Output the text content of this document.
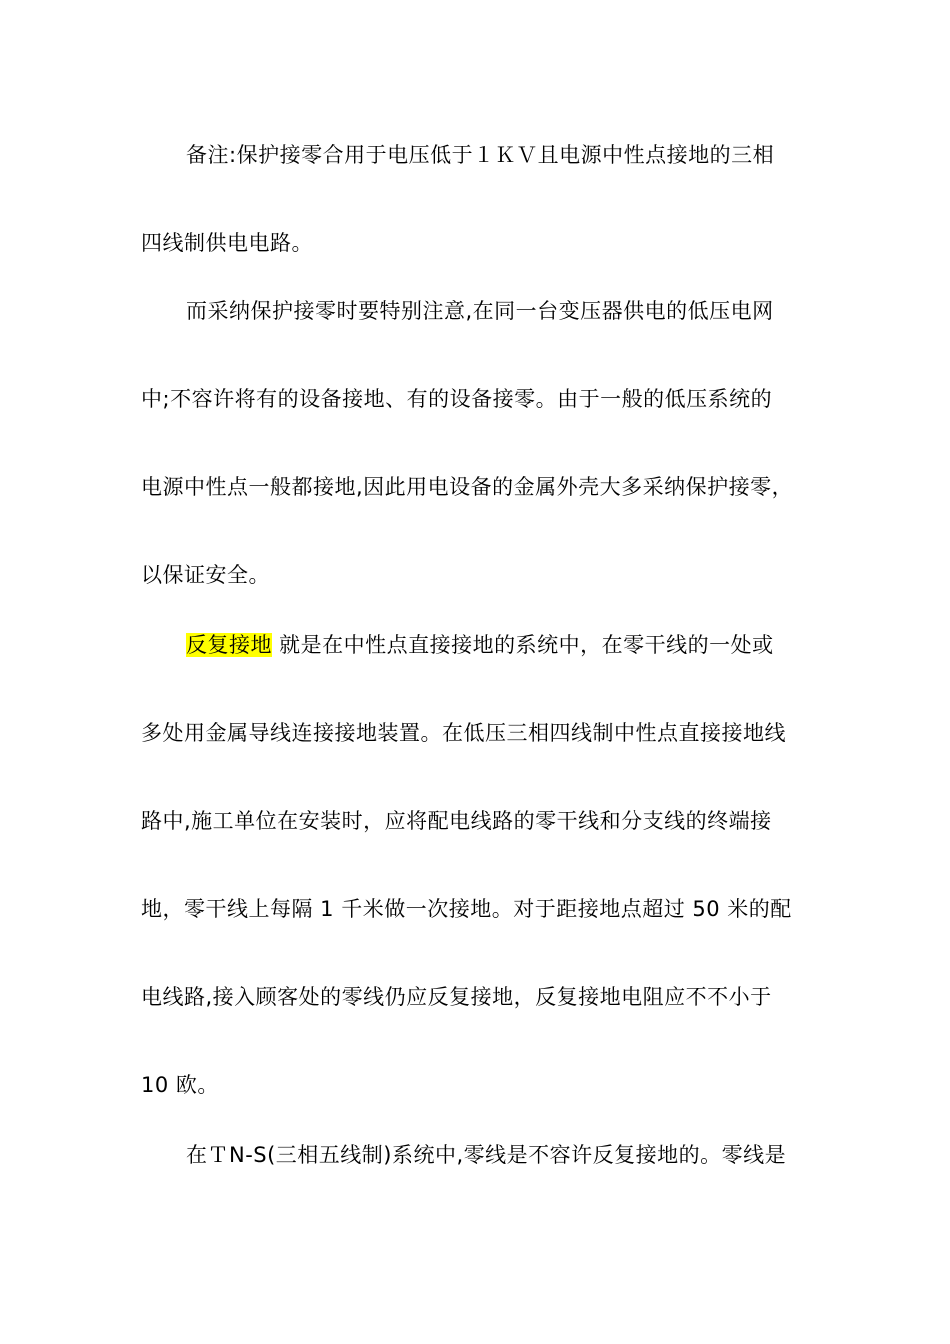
备注:保护接零合用于电压低于１ＫＶ且电源中性点接地的三相
四线制供电电路。
而采纳保护接零时要特别注意,在同一台变压器供电的低压电网
中;不容许将有的设备接地、有的设备接零。由于一般的低压系统的
电源中性点一般都接地,因此用电设备的金属外壳大多采纳保护接零，
以保证安全。
反复接地 就是在中性点直接接地的系统中，在零干线的一处或
多处用金属导线连接接地装置。在低压三相四线制中性点直接接地线
路中,施工单位在安装时，应将配电线路的零干线和分支线的终端接
地，零干线上每隔 1 千米做一次接地。对于距接地点超过 50 米的配
电线路,接入顾客处的零线仍应反复接地，反复接地电阻应不不小于
10 欧。
在ＴN-S(三相五线制)系统中,零线是不容许反复接地的。零线是
